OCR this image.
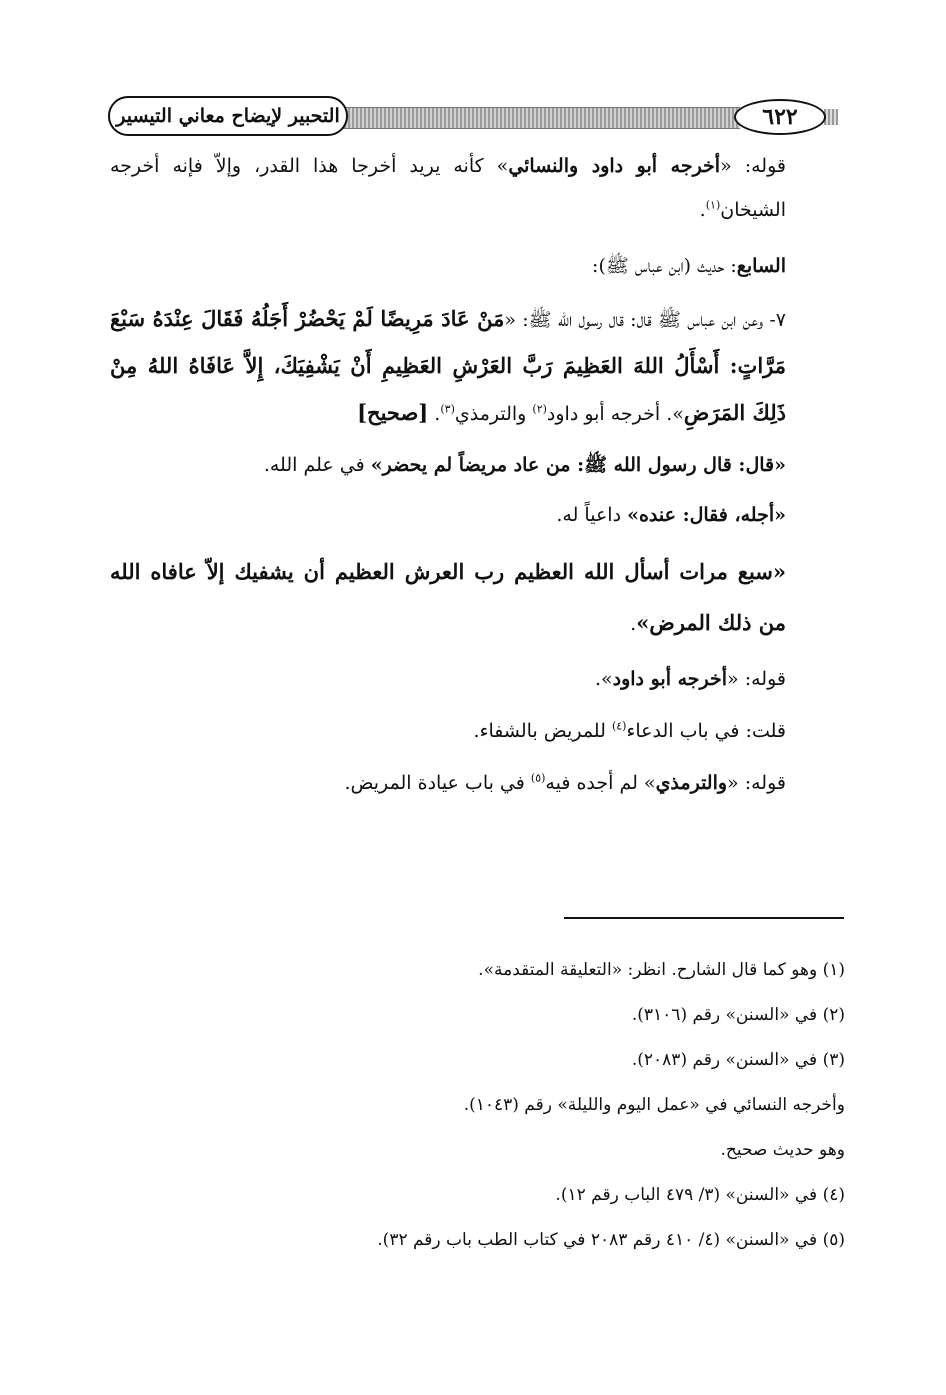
التحبير لإيضاح معاني التيسير	٦٢٢

قوله: «أخرجه أبو داود والنسائي» كأنه يريد أخرجا هذا القدر، وإلاّ فإنه أخرجه الشيخان$^{(١)}$.

السابع: حديث (ابن عباس ﷺ):

٧- وعن ابن عباس ﷺ قال: قال رسول الله ﷺ: «مَنْ عَادَ مَرِيضًا لَمْ يَحْضُرْ أَجَلُهُ فَقَالَ عِنْدَهُ سَبْعَ مَرَّاتٍ: أَسْأَلُ اللهَ العَظِيمَ رَبَّ العَرْشِ العَظِيمِ أَنْ يَشْفِيَكَ، إِلاَّ عَافَاهُ اللهُ مِنْ ذَلِكَ المَرَضِ». أخرجه أبو داود$^{(٢)}$ والترمذي$^{(٣)}$. [صحيح]

«قال: قال رسول الله ﷺ: من عاد مريضاً لم يحضر» في علم الله.

«أجله، فقال: عنده» داعياً له.

«سبع مرات أسأل الله العظيم رب العرش العظيم أن يشفيك إلاّ عافاه الله من ذلك المرض».

قوله: «أخرجه أبو داود».

قلت: في باب الدعاء$^{(٤)}$ للمريض بالشفاء.

قوله: «والترمذي» لم أجده فيه$^{(٥)}$ في باب عيادة المريض.

(١) وهو كما قال الشارح. انظر: «التعليقة المتقدمة».

(٢) في «السنن» رقم (٣١٠٦).

(٣) في «السنن» رقم (٢٠٨٣).

وأخرجه النسائي في «عمل اليوم والليلة» رقم (١٠٤٣).

وهو حديث صحيح.

(٤) في «السنن» (٣/ ٤٧٩ الباب رقم ١٢).

(٥) في «السنن» (٤/ ٤١٠ رقم ٢٠٨٣ في كتاب الطب باب رقم ٣٢).
